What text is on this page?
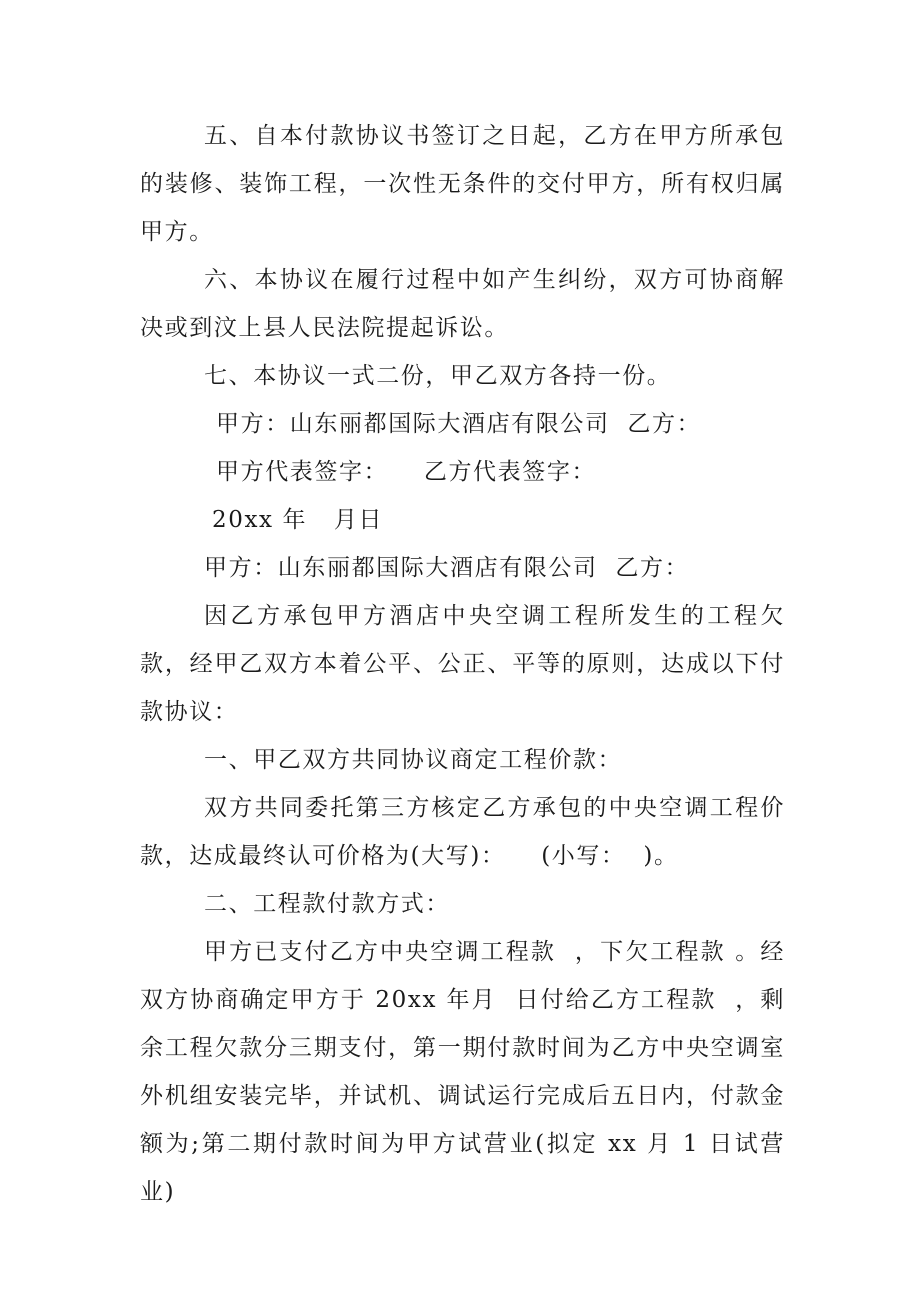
五、自本付款协议书签订之日起，乙方在甲方所承包的装修、装饰工程，一次性无条件的交付甲方，所有权归属甲方。

六、本协议在履行过程中如产生纠纷，双方可协商解决或到汶上县人民法院提起诉讼。

七、本协议一式二份，甲乙双方各持一份。

甲方：山东丽都国际大酒店有限公司  乙方：

甲方代表签字：    乙方代表签字：

20xx 年   月日

甲方：山东丽都国际大酒店有限公司  乙方：

因乙方承包甲方酒店中央空调工程所发生的工程欠款，经甲乙双方本着公平、公正、平等的原则，达成以下付款协议：

一、甲乙双方共同协议商定工程价款：

双方共同委托第三方核定乙方承包的中央空调工程价款，达成最终认可价格为(大写)：    (小写：  )。

二、工程款付款方式：

甲方已支付乙方中央空调工程款  ，下欠工程款 。经双方协商确定甲方于 20xx 年月  日付给乙方工程款  ，剩余工程欠款分三期支付，第一期付款时间为乙方中央空调室外机组安装完毕，并试机、调试运行完成后五日内，付款金额为;第二期付款时间为甲方试营业(拟定 xx 月 1 日试营业)
